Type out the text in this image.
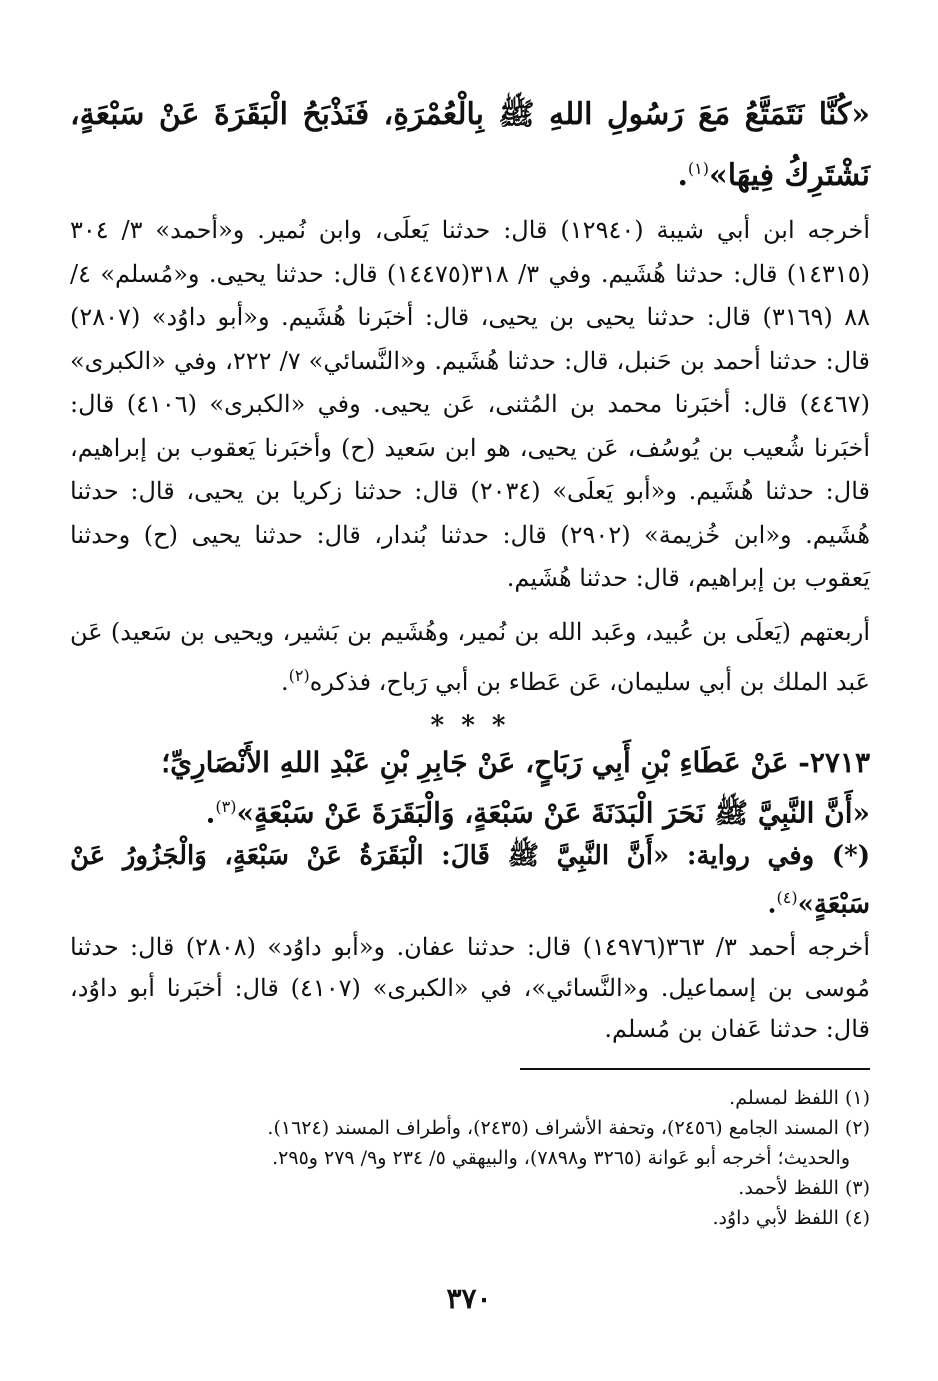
«كُنَّا نَتَمَتَّعُ مَعَ رَسُولِ اللهِ ﷺ بِالْعُمْرَةِ، فَنَذْبَحُ الْبَقَرَةَ عَنْ سَبْعَةٍ، نَشْتَرِكُ فِيهَا»$^{(١)}$.

أخرجه ابن أبي شيبة (١٢٩٤٠) قال: حدثنا يَعلَى، وابن نُمير. و«أحمد» ٣/ ٣٠٤ (١٤٣١٥) قال: حدثنا هُشَيم. وفي ٣/ ٣١٨(١٤٤٧٥) قال: حدثنا يحيى. و«مُسلم» ٤/ ٨٨ (٣١٦٩) قال: حدثنا يحيى بن يحيى، قال: أخبَرنا هُشَيم. و«أبو داوُد» (٢٨٠٧) قال: حدثنا أحمد بن حَنبل، قال: حدثنا هُشَيم. و«النَّسائي» ٧/ ٢٢٢، وفي «الكبرى» (٤٤٦٧) قال: أخبَرنا محمد بن المُثنى، عَن يحيى. وفي «الكبرى» (٤١٠٦) قال: أخبَرنا شُعيب بن يُوسُف، عَن يحيى، هو ابن سَعيد (ح) وأخبَرنا يَعقوب بن إبراهيم، قال: حدثنا هُشَيم. و«أبو يَعلَى» (٢٠٣٤) قال: حدثنا زكريا بن يحيى، قال: حدثنا هُشَيم. و«ابن خُزيمة» (٢٩٠٢) قال: حدثنا بُندار، قال: حدثنا يحيى (ح) وحدثنا يَعقوب بن إبراهيم، قال: حدثنا هُشَيم.

أربعتهم (يَعلَى بن عُبيد، وعَبد الله بن نُمير، وهُشَيم بن بَشير، ويحيى بن سَعيد) عَن عَبد الملك بن أبي سليمان، عَن عَطاء بن أبي رَباح، فذكره$^{(٢)}$.

* * *

٢٧١٣- عَنْ عَطَاءِ بْنِ أَبِي رَبَاحٍ، عَنْ جَابِرِ بْنِ عَبْدِ اللهِ الأَنْصَارِيِّ؛

«أَنَّ النَّبِيَّ ﷺ نَحَرَ الْبَدَنَةَ عَنْ سَبْعَةٍ، وَالْبَقَرَةَ عَنْ سَبْعَةٍ»$^{(٣)}$.

(*) وفي رواية: «أَنَّ النَّبِيَّ ﷺ قَالَ: الْبَقَرَةُ عَنْ سَبْعَةٍ، وَالْجَزُورُ عَنْ سَبْعَةٍ»$^{(٤)}$.

أخرجه أحمد ٣/ ٣٦٣(١٤٩٧٦) قال: حدثنا عفان. و«أبو داوُد» (٢٨٠٨) قال: حدثنا مُوسى بن إسماعيل. و«النَّسائي»، في «الكبرى» (٤١٠٧) قال: أخبَرنا أبو داوُد، قال: حدثنا عَفان بن مُسلم.

(١) اللفظ لمسلم.
(٢) المسند الجامع (٢٤٥٦)، وتحفة الأشراف (٢٤٣٥)، وأطراف المسند (١٦٢٤).
والحديث؛ أخرجه أبو عَوانة (٣٢٦٥ و٧٨٩٨)، والبيهقي ٥/ ٢٣٤ و٩/ ٢٧٩ و٢٩٥.
(٣) اللفظ لأحمد.
(٤) اللفظ لأبي داوُد.
٣٧٠
